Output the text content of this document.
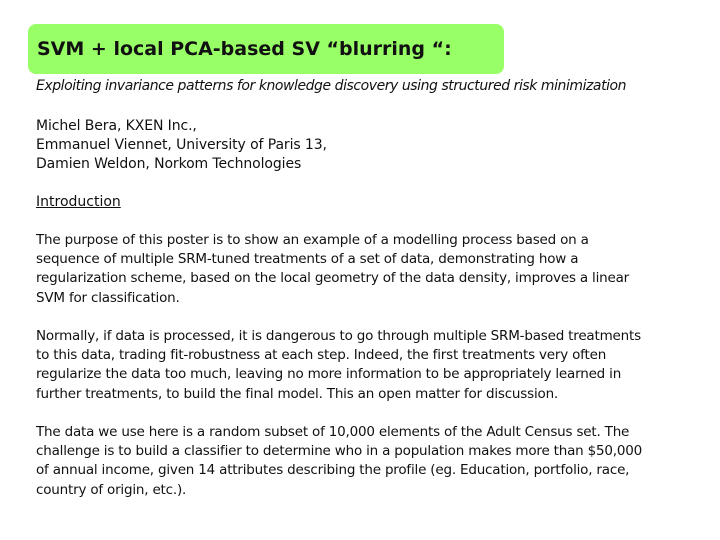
SVM + local PCA-based SV “blurring “:
Exploiting invariance patterns for knowledge discovery using structured risk minimization
Michel Bera, KXEN Inc.,
Emmanuel Viennet, University of Paris 13,
Damien Weldon, Norkom Technologies
Introduction
The purpose of this poster is to show an example of a modelling process based on a
sequence of multiple SRM-tuned treatments of a set of data, demonstrating how a
regularization scheme, based on the local geometry of the data density, improves a linear
SVM for classification.
Normally, if data is processed, it is dangerous to go through multiple SRM-based treatments
to this data, trading fit-robustness at each step. Indeed, the first treatments very often
regularize the data too much, leaving no more information to be appropriately learned in
further treatments, to build the final model. This an open matter for discussion.
The data we use here is a random subset of 10,000 elements of the Adult Census set. The
challenge is to build a classifier to determine who in a population makes more than $50,000
of annual income, given 14 attributes describing the profile (eg. Education, portfolio, race,
country of origin, etc.).
